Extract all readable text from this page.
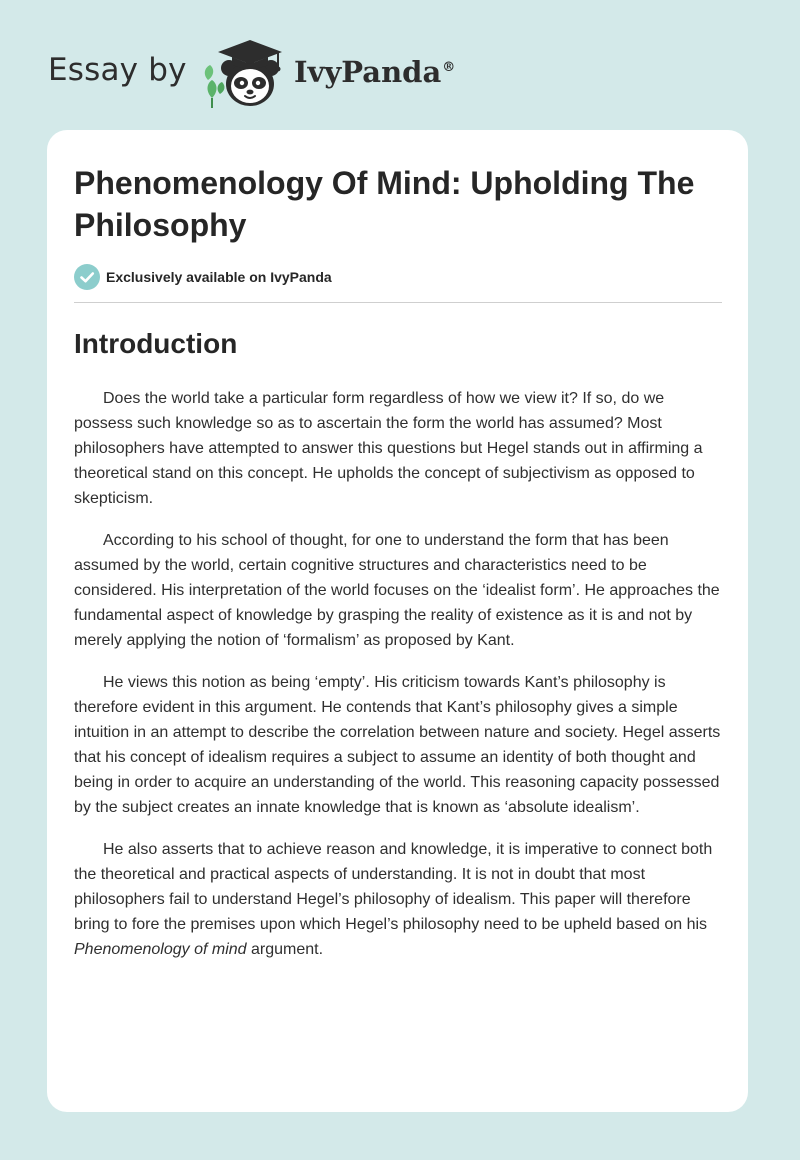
Essay by	IvyPanda®
Phenomenology Of Mind: Upholding The Philosophy
Exclusively available on IvyPanda
Introduction

Does the world take a particular form regardless of how we view it? If so, do we possess such knowledge so as to ascertain the form the world has assumed? Most philosophers have attempted to answer this questions but Hegel stands out in affirming a theoretical stand on this concept. He upholds the concept of subjectivism as opposed to skepticism.

According to his school of thought, for one to understand the form that has been assumed by the world, certain cognitive structures and characteristics need to be considered. His interpretation of the world focuses on the ‘idealist form’. He approaches the fundamental aspect of knowledge by grasping the reality of existence as it is and not by merely applying the notion of ‘formalism’ as proposed by Kant.

He views this notion as being ‘empty’. His criticism towards Kant’s philosophy is therefore evident in this argument. He contends that Kant’s philosophy gives a simple intuition in an attempt to describe the correlation between nature and society. Hegel asserts that his concept of idealism requires a subject to assume an identity of both thought and being in order to acquire an understanding of the world. This reasoning capacity possessed by the subject creates an innate knowledge that is known as ‘absolute idealism’.

He also asserts that to achieve reason and knowledge, it is imperative to connect both the theoretical and practical aspects of understanding. It is not in doubt that most philosophers fail to understand Hegel’s philosophy of idealism. This paper will therefore bring to fore the premises upon which Hegel’s philosophy need to be upheld based on his Phenomenology of mind argument.
